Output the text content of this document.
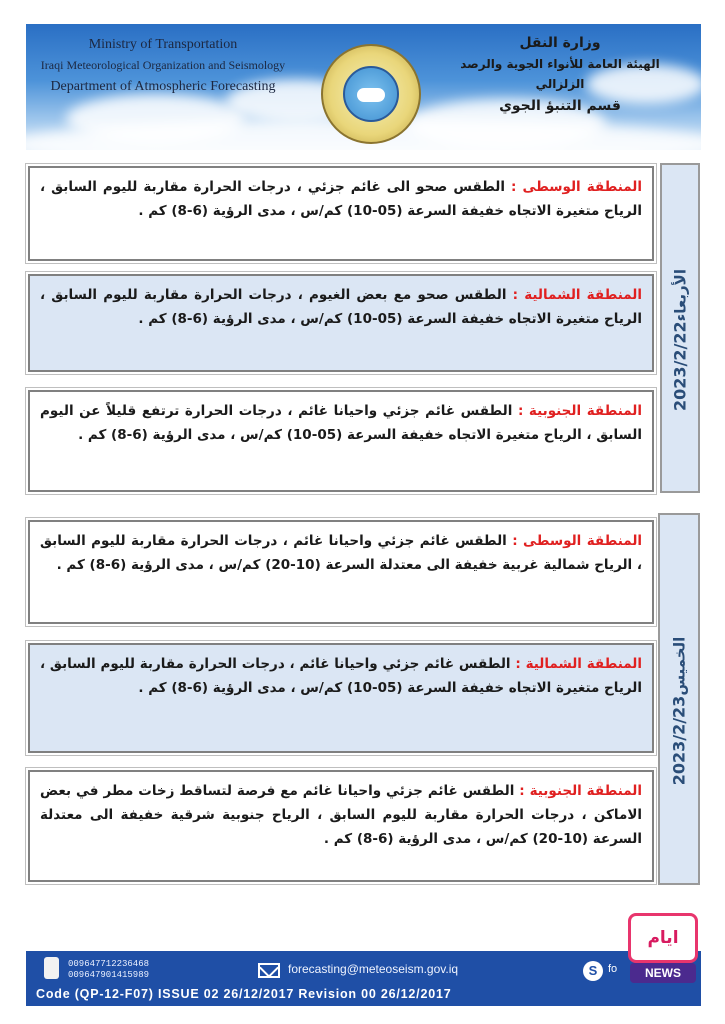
Ministry of Transportation
Iraqi Meteorological Organization and Seismology
Department of Atmospheric Forecasting
وزارة النقل
الهيئة العامة للأنواء الجوية والرصد الزلزالي
قسم التنبؤ الجوي

المنطقة الوسطى : الطقس صحو الى غائم جزئي ، درجات الحرارة مقاربة لليوم السابق ، الرياح متغيرة الاتجاه خفيفة السرعة (05-10) كم/س ، مدى الرؤية (6-8) كم .

المنطقة الشمالية : الطقس صحو مع بعض الغيوم ، درجات الحرارة مقاربة لليوم السابق ، الرياح متغيرة الاتجاه خفيفة السرعة (05-10) كم/س ، مدى الرؤية (6-8) كم .

المنطقة الجنوبية : الطقس غائم جزئي واحيانا غائم ، درجات الحرارة ترتفع قليلاً عن اليوم السابق ، الرياح متغيرة الاتجاه خفيفة السرعة (05-10) كم/س ، مدى الرؤية (6-8) كم .

الأربعاء2023/2/22

المنطقة الوسطى : الطقس غائم جزئي واحيانا غائم ، درجات الحرارة مقاربة لليوم السابق ، الرياح شمالية غربية خفيفة الى معتدلة السرعة (10-20) كم/س ، مدى الرؤية (6-8) كم .

المنطقة الشمالية : الطقس غائم جزئي واحيانا غائم ، درجات الحرارة مقاربة لليوم السابق ، الرياح متغيرة الاتجاه خفيفة السرعة (05-10) كم/س ، مدى الرؤية (6-8) كم .

المنطقة الجنوبية : الطقس غائم جزئي واحيانا غائم مع فرصة لتساقط زخات مطر في بعض الاماكن ، درجات الحرارة مقاربة لليوم السابق ، الرياح جنوبية شرقية خفيفة الى معتدلة السرعة (10-20) كم/س ، مدى الرؤية (6-8) كم .

الخميس2023/2/23
009647712236468
009647901415989	forecasting@meteoseism.gov.iq	S fo
Code (QP-12-F07) ISSUE 02 26/12/2017 Revision 00 26/12/2017
ايام
NEWS
